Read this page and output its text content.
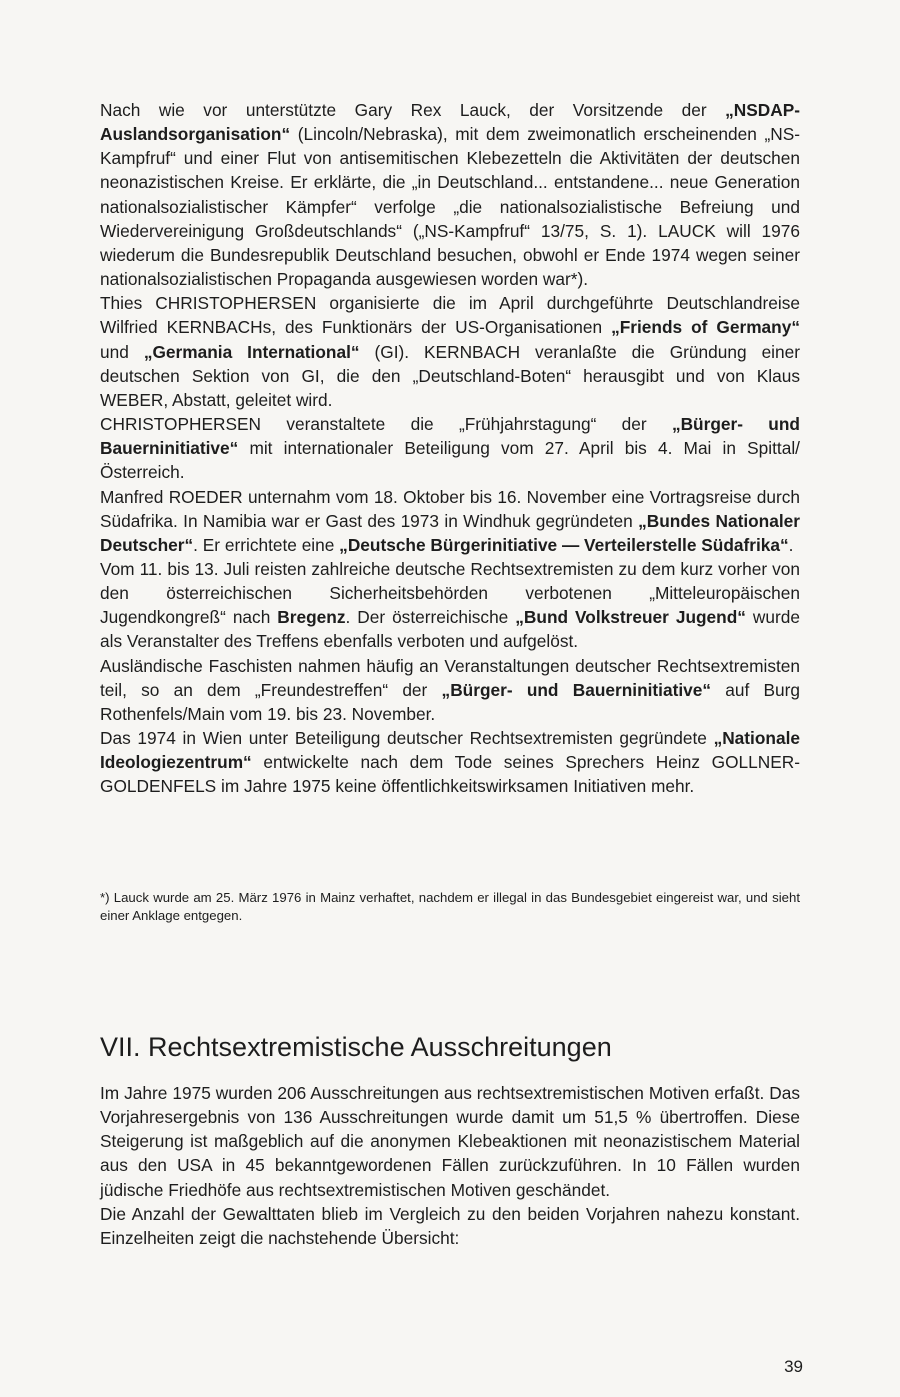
Nach wie vor unterstützte Gary Rex Lauck, der Vorsitzende der „NSDAP-Auslandsorganisation“ (Lincoln/Nebraska), mit dem zweimonatlich erscheinenden „NS-Kampfruf“ und einer Flut von antisemitischen Klebezetteln die Aktivitäten der deutschen neonazistischen Kreise. Er erklärte, die „in Deutschland... entstandene... neue Generation nationalsozialistischer Kämpfer“ verfolge „die nationalsozialistische Befreiung und Wiedervereinigung Großdeutschlands“ („NS-Kampfruf“ 13/75, S. 1). LAUCK will 1976 wiederum die Bundesrepublik Deutschland besuchen, obwohl er Ende 1974 wegen seiner nationalsozialistischen Propaganda ausgewiesen worden war*).

Thies CHRISTOPHERSEN organisierte die im April durchgeführte Deutschlandreise Wilfried KERNBACHs, des Funktionärs der US-Organisationen „Friends of Germany“ und „Germania International“ (GI). KERNBACH veranlaßte die Gründung einer deutschen Sektion von GI, die den „Deutschland-Boten“ herausgibt und von Klaus WEBER, Abstatt, geleitet wird.

CHRISTOPHERSEN veranstaltete die „Frühjahrstagung“ der „Bürger- und Bauerninitiative“ mit internationaler Beteiligung vom 27. April bis 4. Mai in Spittal/Österreich.

Manfred ROEDER unternahm vom 18. Oktober bis 16. November eine Vortragsreise durch Südafrika. In Namibia war er Gast des 1973 in Windhuk gegründeten „Bundes Nationaler Deutscher“. Er errichtete eine „Deutsche Bürgerinitiative — Verteilerstelle Südafrika“.

Vom 11. bis 13. Juli reisten zahlreiche deutsche Rechtsextremisten zu dem kurz vorher von den österreichischen Sicherheitsbehörden verbotenen „Mitteleuropäischen Jugendkongreß“ nach Bregenz. Der österreichische „Bund Volkstreuer Jugend“ wurde als Veranstalter des Treffens ebenfalls verboten und aufgelöst.

Ausländische Faschisten nahmen häufig an Veranstaltungen deutscher Rechtsextremisten teil, so an dem „Freundestreffen“ der „Bürger- und Bauerninitiative“ auf Burg Rothenfels/Main vom 19. bis 23. November.

Das 1974 in Wien unter Beteiligung deutscher Rechtsextremisten gegründete „Nationale Ideologiezentrum“ entwickelte nach dem Tode seines Sprechers Heinz GOLLNER-GOLDENFELS im Jahre 1975 keine öffentlichkeitswirksamen Initiativen mehr.

*) Lauck wurde am 25. März 1976 in Mainz verhaftet, nachdem er illegal in das Bundesgebiet eingereist war, und sieht einer Anklage entgegen.

VII. Rechtsextremistische Ausschreitungen

Im Jahre 1975 wurden 206 Ausschreitungen aus rechtsextremistischen Motiven erfaßt. Das Vorjahresergebnis von 136 Ausschreitungen wurde damit um 51,5 % übertroffen. Diese Steigerung ist maßgeblich auf die anonymen Klebeaktionen mit neonazistischem Material aus den USA in 45 bekanntgewordenen Fällen zurückzuführen. In 10 Fällen wurden jüdische Friedhöfe aus rechtsextremistischen Motiven geschändet.

Die Anzahl der Gewalttaten blieb im Vergleich zu den beiden Vorjahren nahezu konstant. Einzelheiten zeigt die nachstehende Übersicht:

39
